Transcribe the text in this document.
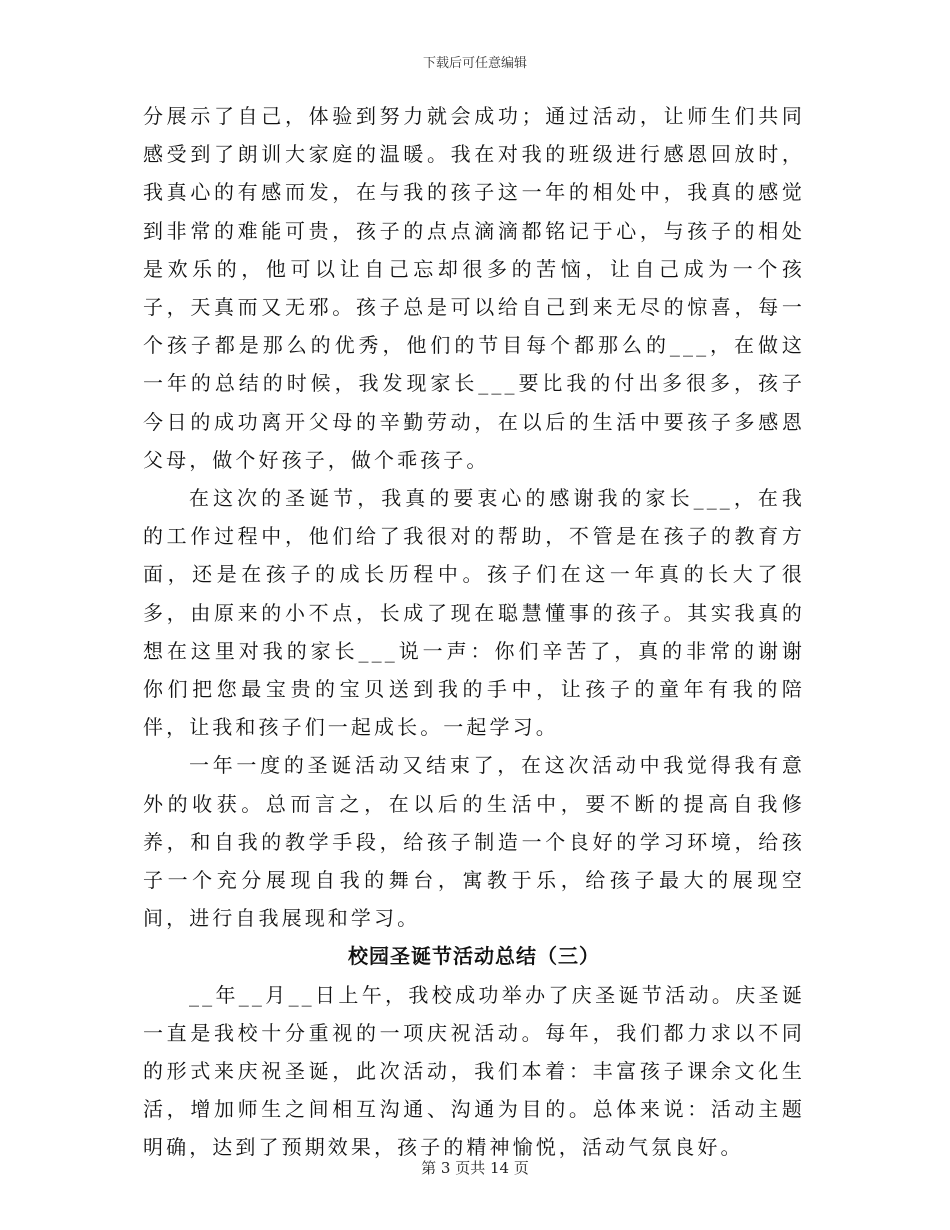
下载后可任意编辑

分展示了自己，体验到努力就会成功；通过活动，让师生们共同感受到了朗训大家庭的温暖。我在对我的班级进行感恩回放时，我真心的有感而发，在与我的孩子这一年的相处中，我真的感觉到非常的难能可贵，孩子的点点滴滴都铭记于心，与孩子的相处是欢乐的，他可以让自己忘却很多的苦恼，让自己成为一个孩子，天真而又无邪。孩子总是可以给自己到来无尽的惊喜，每一个孩子都是那么的优秀，他们的节目每个都那么的___，在做这一年的总结的时候，我发现家长___要比我的付出多很多，孩子今日的成功离开父母的辛勤劳动，在以后的生活中要孩子多感恩父母，做个好孩子，做个乖孩子。

在这次的圣诞节，我真的要衷心的感谢我的家长___，在我的工作过程中，他们给了我很对的帮助，不管是在孩子的教育方面，还是在孩子的成长历程中。孩子们在这一年真的长大了很多，由原来的小不点，长成了现在聪慧懂事的孩子。其实我真的想在这里对我的家长___说一声：你们辛苦了，真的非常的谢谢你们把您最宝贵的宝贝送到我的手中，让孩子的童年有我的陪伴，让我和孩子们一起成长。一起学习。

一年一度的圣诞活动又结束了，在这次活动中我觉得我有意外的收获。总而言之，在以后的生活中，要不断的提高自我修养，和自我的教学手段，给孩子制造一个良好的学习环境，给孩子一个充分展现自我的舞台，寓教于乐，给孩子最大的展现空间，进行自我展现和学习。

校园圣诞节活动总结（三）

__年__月__日上午，我校成功举办了庆圣诞节活动。庆圣诞一直是我校十分重视的一项庆祝活动。每年，我们都力求以不同的形式来庆祝圣诞，此次活动，我们本着：丰富孩子课余文化生活，增加师生之间相互沟通、沟通为目的。总体来说：活动主题明确，达到了预期效果，孩子的精神愉悦，活动气氛良好。

第 3 页共 14 页
